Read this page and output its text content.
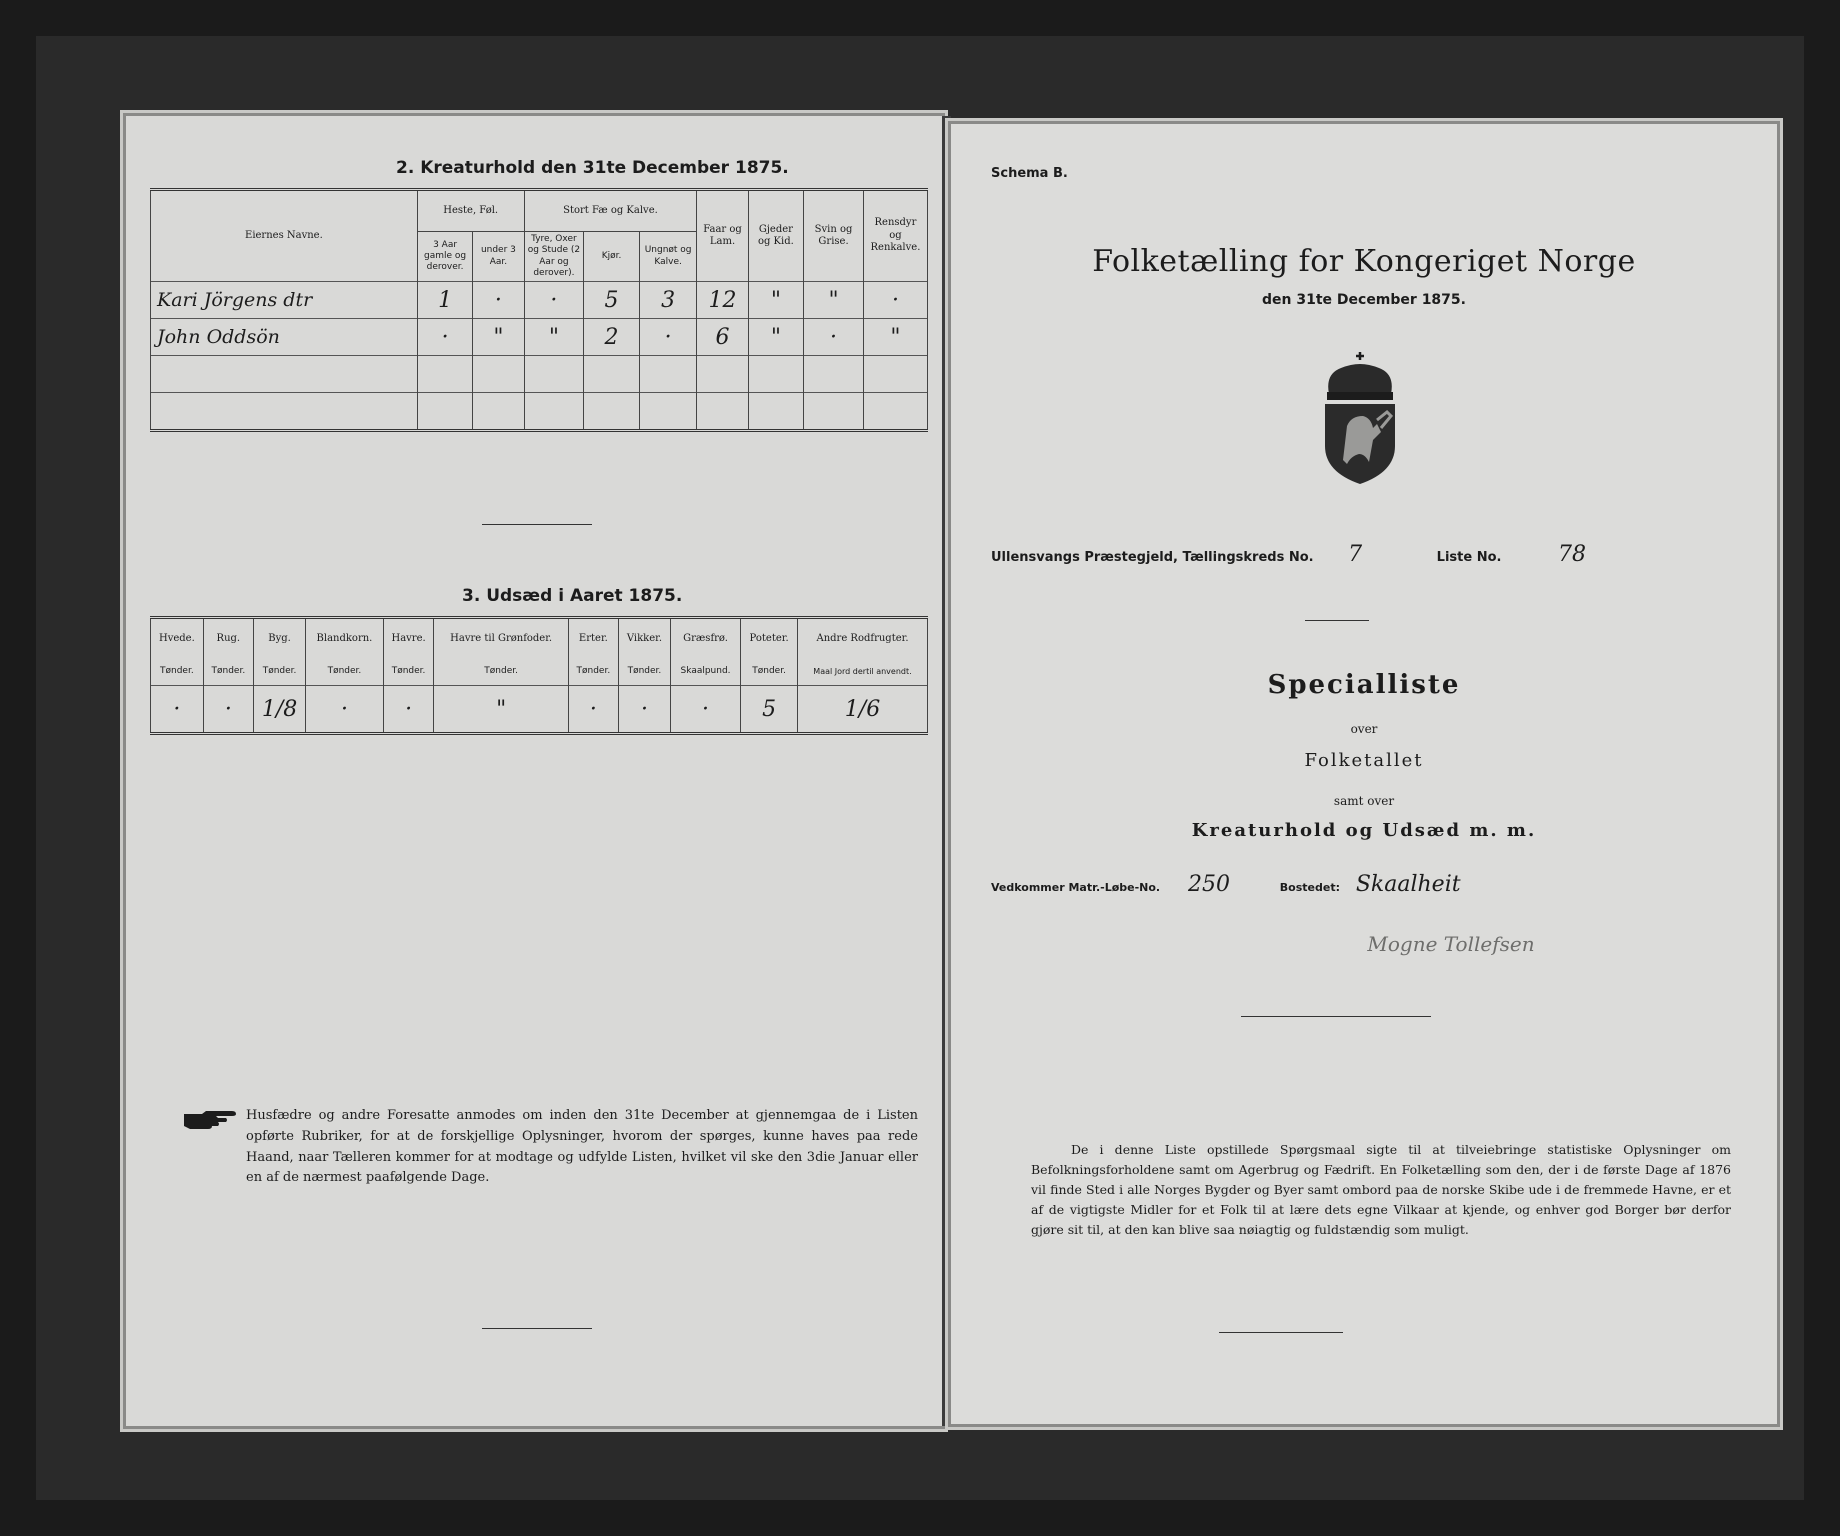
2. Kreaturhold den 31te December 1875.
Eiernes Navne.	Heste, Føl.		Stort Fæ og Kalve.			Faar og Lam.	Gjeder og Kid.	Svin og Grise.	Rensdyr og Renkalve.
	3 Aar gamle og derover.	under 3 Aar.	Tyre, Oxer og Stude (2 Aar og derover).	Kjør.	Ungnøt og Kalve.				
Kari Jörgens dtr	1	·	·	5	3	12	"	"	·
John Oddsön	·	"	"	2	·	6	"	·	"

3. Udsæd i Aaret 1875.
Hvede.	Rug.	Byg.	Blandkorn.	Havre.	Havre til Grønfoder.	Erter.	Vikker.	Græsfrø.	Poteter.	Andre Rodfrugter.
Tønder.	Tønder.	Tønder.	Tønder.	Tønder.	Tønder.	Tønder.	Tønder.	Skaalpund.	Tønder.	Maal Jord dertil anvendt.
·	·	1/8	·	·	"	·	·	·	5	1/6
Husfædre og andre Foresatte anmodes om inden den 31te December at gjennemgaa de i Listen opførte Rubriker, for at de forskjellige Oplysninger, hvorom der spørges, kunne haves paa rede Haand, naar Tælleren kommer for at modtage og udfylde Listen, hvilket vil ske den 3die Januar eller en af de nærmest paafølgende Dage.
Schema B.
Folketælling for Kongeriget Norge
den 31te December 1875.
Ullensvangs Præstegjeld, Tællingskreds No. 7	Liste No.	78
Specialliste
over
Folketallet
samt over
Kreaturhold og Udsæd m. m.
Vedkommer Matr.-Løbe-No. 250	Bostedet: Skaalheit
Mogne Tollefsen
De i denne Liste opstillede Spørgsmaal sigte til at tilveiebringe statistiske Oplysninger om Befolkningsforholdene samt om Agerbrug og Fædrift. En Folketælling som den, der i de første Dage af 1876 vil finde Sted i alle Norges Bygder og Byer samt ombord paa de norske Skibe ude i de fremmede Havne, er et af de vigtigste Midler for et Folk til at lære dets egne Vilkaar at kjende, og enhver god Borger bør derfor gjøre sit til, at den kan blive saa nøiagtig og fuldstændig som muligt.
